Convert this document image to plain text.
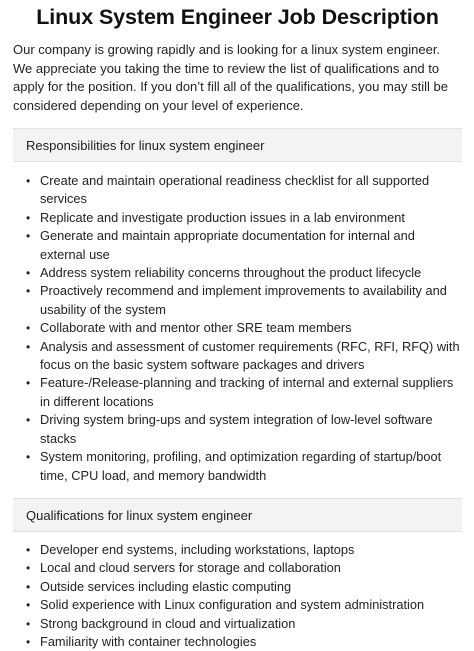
Linux System Engineer Job Description

Our company is growing rapidly and is looking for a linux system engineer. We appreciate you taking the time to review the list of qualifications and to apply for the position. If you don’t fill all of the qualifications, you may still be considered depending on your level of experience.

Responsibilities for linux system engineer
• Create and maintain operational readiness checklist for all supported services
• Replicate and investigate production issues in a lab environment
• Generate and maintain appropriate documentation for internal and external use
• Address system reliability concerns throughout the product lifecycle
• Proactively recommend and implement improvements to availability and usability of the system
• Collaborate with and mentor other SRE team members
• Analysis and assessment of customer requirements (RFC, RFI, RFQ) with focus on the basic system software packages and drivers
• Feature-/Release-planning and tracking of internal and external suppliers in different locations
• Driving system bring-ups and system integration of low-level software stacks
• System monitoring, profiling, and optimization regarding of startup/boot time, CPU load, and memory bandwidth
Qualifications for linux system engineer
• Developer end systems, including workstations, laptops
• Local and cloud servers for storage and collaboration
• Outside services including elastic computing
• Solid experience with Linux configuration and system administration
• Strong background in cloud and virtualization
• Familiarity with container technologies
